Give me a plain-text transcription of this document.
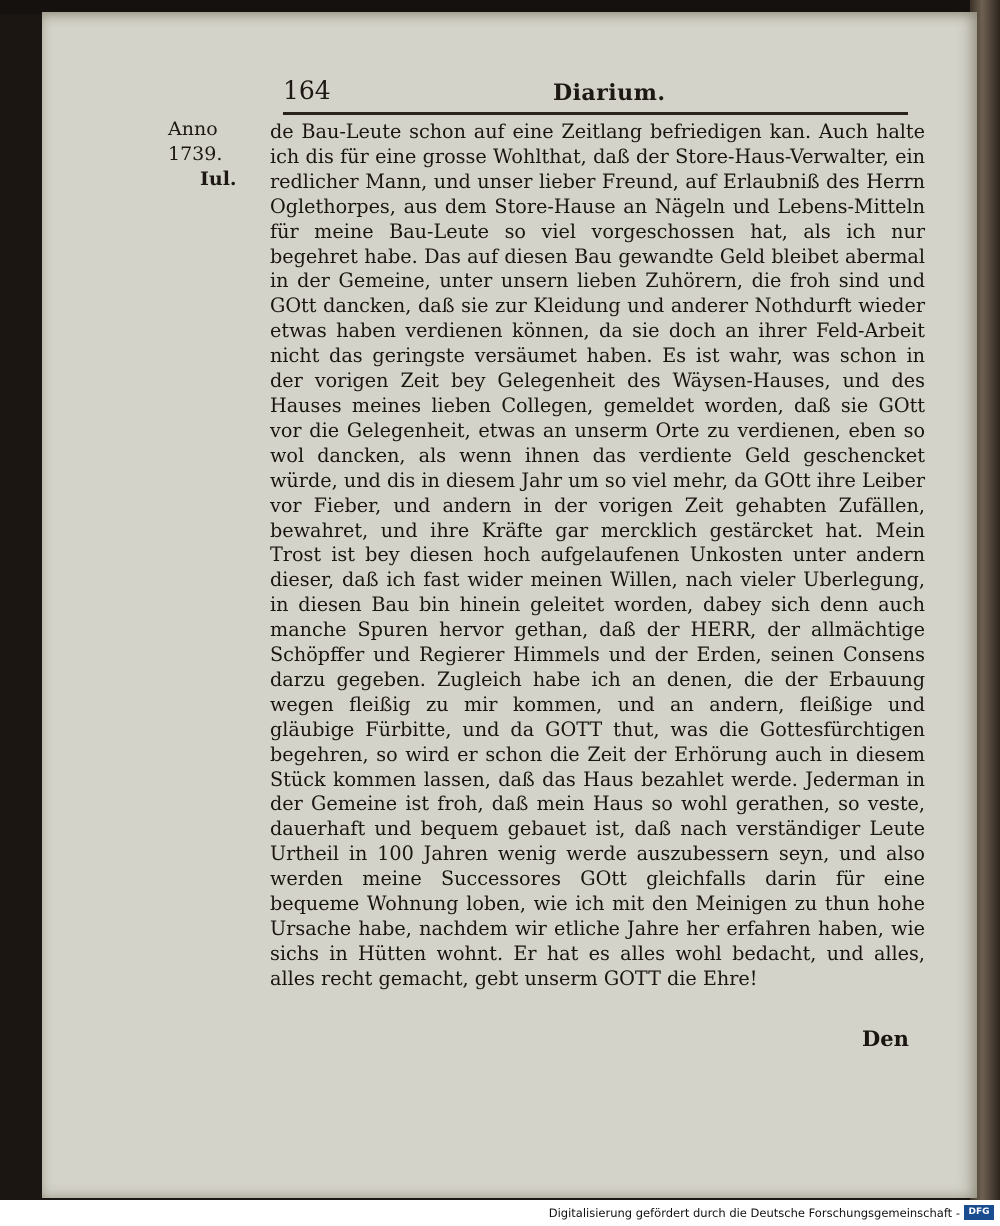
164	Diarium.
Anno 1739.
Iul.
de Bau-Leute schon auf eine Zeitlang befriedigen kan. Auch halte ich dis für eine grosse Wohlthat, daß der Store-Haus-Verwalter, ein redlicher Mann, und unser lieber Freund, auf Erlaubniß des Herrn Oglethorpes, aus dem Store-Hause an Nägeln und Lebens-Mitteln für meine Bau-Leute so viel vorgeschossen hat, als ich nur begehret habe. Das auf diesen Bau gewandte Geld bleibet abermal in der Gemeine, unter unsern lieben Zuhörern, die froh sind und GOtt dancken, daß sie zur Kleidung und anderer Nothdurft wieder etwas haben verdienen können, da sie doch an ihrer Feld-Arbeit nicht das geringste versäumet haben. Es ist wahr, was schon in der vorigen Zeit bey Gelegenheit des Wäysen-Hauses, und des Hauses meines lieben Collegen, gemeldet worden, daß sie GOtt vor die Gelegenheit, etwas an unserm Orte zu verdienen, eben so wol dancken, als wenn ihnen das verdiente Geld geschencket würde, und dis in diesem Jahr um so viel mehr, da GOtt ihre Leiber vor Fieber, und andern in der vorigen Zeit gehabten Zufällen, bewahret, und ihre Kräfte gar mercklich gestärcket hat. Mein Trost ist bey diesen hoch aufgelaufenen Unkosten unter andern dieser, daß ich fast wider meinen Willen, nach vieler Uberlegung, in diesen Bau bin hinein geleitet worden, dabey sich denn auch manche Spuren hervor gethan, daß der HERR, der allmächtige Schöpffer und Regierer Himmels und der Erden, seinen Consens darzu gegeben. Zugleich habe ich an denen, die der Erbauung wegen fleißig zu mir kommen, und an andern, fleißige und gläubige Fürbitte, und da GOTT thut, was die Gottesfürchtigen begehren, so wird er schon die Zeit der Erhörung auch in diesem Stück kommen lassen, daß das Haus bezahlet werde. Jederman in der Gemeine ist froh, daß mein Haus so wohl gerathen, so veste, dauerhaft und bequem gebauet ist, daß nach verständiger Leute Urtheil in 100 Jahren wenig werde auszubessern seyn, und also werden meine Successores GOtt gleichfalls darin für eine bequeme Wohnung loben, wie ich mit den Meinigen zu thun hohe Ursache habe, nachdem wir etliche Jahre her erfahren haben, wie sichs in Hütten wohnt. Er hat es alles wohl bedacht, und alles, alles recht gemacht, gebt unserm GOTT die Ehre!
Den
Digitalisierung gefördert durch die Deutsche Forschungsgemeinschaft - DFG
